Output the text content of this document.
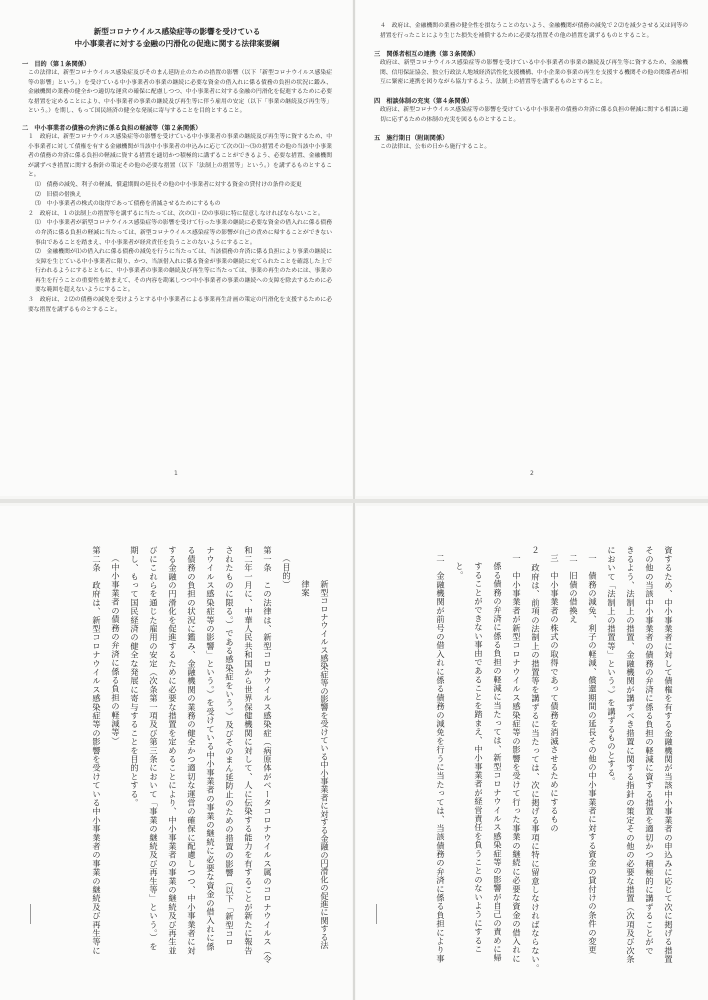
新型コロナウイルス感染症等の影響を受けている
中小事業者に対する金融の円滑化の促進に関する法律案要綱
一　目的（第１条関係）
この法律は、新型コロナウイルス感染症及びそのまん延防止のための措置の影響（以下「新型コロナウイルス感染症等の影響」という。）を受けている中小事業者の事業の継続に必要な資金の借入れに係る債務の負担の状況に鑑み、金融機関の業務の健全かつ適切な運営の確保に配慮しつつ、中小事業者に対する金融の円滑化を促進するために必要な措置を定めることにより、中小事業者の事業の継続及び再生等に伴う雇用の安定（以下「事業の継続及び再生等」という。）を期し、もって国民経済の健全な発展に寄与することを目的とすること。
二　中小事業者の債務の弁済に係る負担の軽減等（第２条関係）
１　政府は、新型コロナウイルス感染症等の影響を受けている中小事業者の事業の継続及び再生等に資するため、中小事業者に対して債権を有する金融機関が当該中小事業者の申込みに応じて次の⑴～⑶の措置その他の当該中小事業者の債務の弁済に係る負担の軽減に資する措置を適切かつ積極的に講ずることができるよう、必要な措置、金融機関が講ずべき措置に関する指針の策定その他の必要な措置（以下「法制上の措置等」という。）を講ずるものとすること。
⑴　債務の減免、利子の軽減、償還期間の延長その他の中小事業者に対する資金の貸付けの条件の変更
⑵　旧債の借換え
⑶　中小事業者の株式の取得であって債務を消滅させるためにするもの
２　政府は、１の法制上の措置等を講ずるに当たっては、次の⑴・⑵の事項に特に留意しなければならないこと。
⑴　中小事業者が新型コロナウイルス感染症等の影響を受けて行った事業の継続に必要な資金の借入れに係る債務の弁済に係る負担の軽減に当たっては、新型コロナウイルス感染症等の影響が自己の責めに帰することができない事由であることを踏まえ、中小事業者が経営責任を負うことのないようにすること。
⑵　金融機関が⑴の借入れに係る債務の減免を行うに当たっては、当該債務の弁済に係る負担により事業の継続に支障を生じている中小事業者に限り、かつ、当該借入れに係る資金が事業の継続に充てられたことを確認した上で行われるようにするとともに、中小事業者の事業の継続及び再生等に当たっては、事業の再生のためには、事業の再生を行うことの重要性を踏まえて、その内容を勘案しつつ中小事業者の事業の継続への支障を除去するために必要な範囲を超えないようにすること。
３　政府は、２⑵の債務の減免を受けようとする中小事業者による事業再生計画の策定の円滑化を支援するために必要な措置を講ずるものとすること。
1
４　政府は、金融機関の業務の健全性を損なうことのないよう、金融機関が債務の減免で２⑵を減少させる又は同等の措置を行ったことにより生じた損失を補償するために必要な措置その他の措置を講ずるものとすること。
三　関係者相互の連携（第３条関係）
政府は、新型コロナウイルス感染症等の影響を受けている中小事業者の事業の継続及び再生等に資するため、金融機関、信用保証協会、独立行政法人地域経済活性化支援機構、中小企業の事業の再生を支援する機関その他の関係者が相互に緊密に連携を図りながら協力するよう、法制上の措置等を講ずるものとすること。
四　相談体制の充実（第４条関係）
政府は、新型コロナウイルス感染症等の影響を受けている中小事業者の債務の弁済に係る負担の軽減に関する相談に適切に応ずるための体制の充実を図るものとすること。
五　施行期日（附則関係）
この法律は、公布の日から施行すること。
2
新型コロナウイルス感染症等の影響を受けている中小事業者に対する金融の円滑化の促進に関する法
律案
（目的）
第一条　この法律は、新型コロナウイルス感染症（病原体がベータコロナウイルス属のコロナウイルス（令
和二年一月に、中華人民共和国から世界保健機関に対して、人に伝染する能力を有することが新たに報告
されたものに限る。）である感染症をいう。）及びそのまん延防止のための措置の影響（以下「新型コロ
ナウイルス感染症等の影響」という。）を受けている中小事業者の事業の継続に必要な資金の借入れに係
る債務の負担の状況に鑑み、金融機関の業務の健全かつ適切な運営の確保に配慮しつつ、中小事業者に対
する金融の円滑化を促進するために必要な措置を定めることにより、中小事業者の事業の継続及び再生並
びにこれらを通じた雇用の安定（次条第一項及び第三条において「事業の継続及び再生等」という。）を
期し、もって国民経済の健全な発展に寄与することを目的とする。
（中小事業者の債務の弁済に係る負担の軽減等）
第二条　政府は、新型コロナウイルス感染症等の影響を受けている中小事業者の事業の継続及び再生等に	資するため、中小事業者に対して債権を有する金融機関が当該中小事業者の申込みに応じて次に掲げる措置
その他の当該中小事業者の債務の弁済に係る負担の軽減に資する措置を適切かつ積極的に講ずることがで
きるよう、法制上の措置、金融機関が講ずべき措置に関する指針の策定その他の必要な措置（次項及び次条
において「法制上の措置等」という。）を講ずるものとする。
一　債務の減免、利子の軽減、償還期間の延長その他の中小事業者に対する資金の貸付けの条件の変更
二　旧債の借換え
三　中小事業者の株式の取得であって債務を消滅させるためにするもの
２　政府は、前項の法制上の措置等を講ずるに当たっては、次に掲げる事項に特に留意しなければならない。
一　中小事業者が新型コロナウイルス感染症等の影響を受けて行った事業の継続に必要な資金の借入れに
係る債務の弁済に係る負担の軽減に当たっては、新型コロナウイルス感染症等の影響が自己の責めに帰
することができない事由であることを踏まえ、中小事業者が経営責任を負うことのないようにするこ
と。
二　金融機関が前号の借入れに係る債務の減免を行うに当たっては、当該債務の弁済に係る負担により事
